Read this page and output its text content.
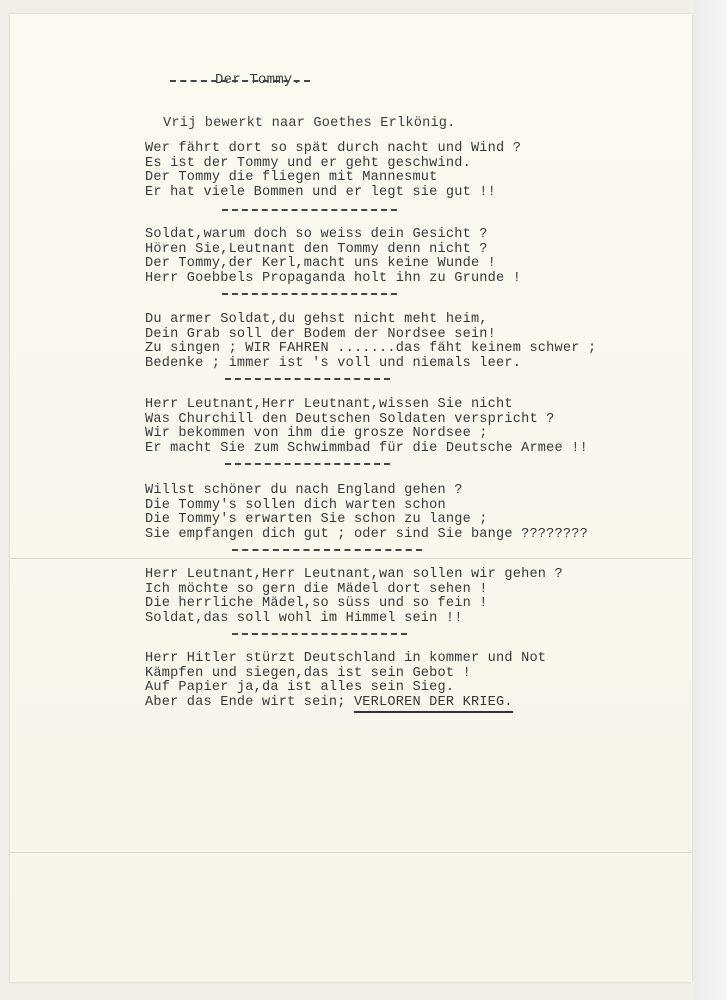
Der Tommy.
Vrij bewerkt naar Goethes Erlkönig.
Wer fährt dort so spät durch nacht und Wind ?
Es ist der Tommy und er geht geschwind.
Der Tommy die fliegen mit Mannesmut
Er hat viele Bommen und er legt sie gut !!
Soldat,warum doch so weiss dein Gesicht ?
Hören Sie,Leutnant den Tommy denn nicht ?
Der Tommy,der Kerl,macht uns keine Wunde !
Herr Goebbels Propaganda holt ihn zu Grunde !
Du armer Soldat,du gehst nicht meht heim,
Dein Grab soll der Bodem der Nordsee sein!
Zu singen ; WIR FAHREN .......das fäht keinem schwer ;
Bedenke ; immer ist 's voll und niemals leer.
Herr Leutnant,Herr Leutnant,wissen Sie nicht
Was Churchill den Deutschen Soldaten verspricht ?
Wir bekommen von ihm die grosze Nordsee ;
Er macht Sie zum Schwimmbad für die Deutsche Armee !!
Willst schöner du nach England gehen ?
Die Tommy's sollen dich warten schon
Die Tommy's erwarten Sie schon zu lange ;
Sie empfangen dich gut ; oder sind Sie bange ????????
Herr Leutnant,Herr Leutnant,wan sollen wir gehen ?
Ich möchte so gern die Mädel dort sehen !
Die herrliche Mädel,so süss und so fein !
Soldat,das soll wohl im Himmel sein !!
Herr Hitler stürzt Deutschland in kommer und Not
Kämpfen und siegen,das ist sein Gebot !
Auf Papier ja,da ist alles sein Sieg.
Aber das Ende wirt sein; VERLOREN DER KRIEG.
